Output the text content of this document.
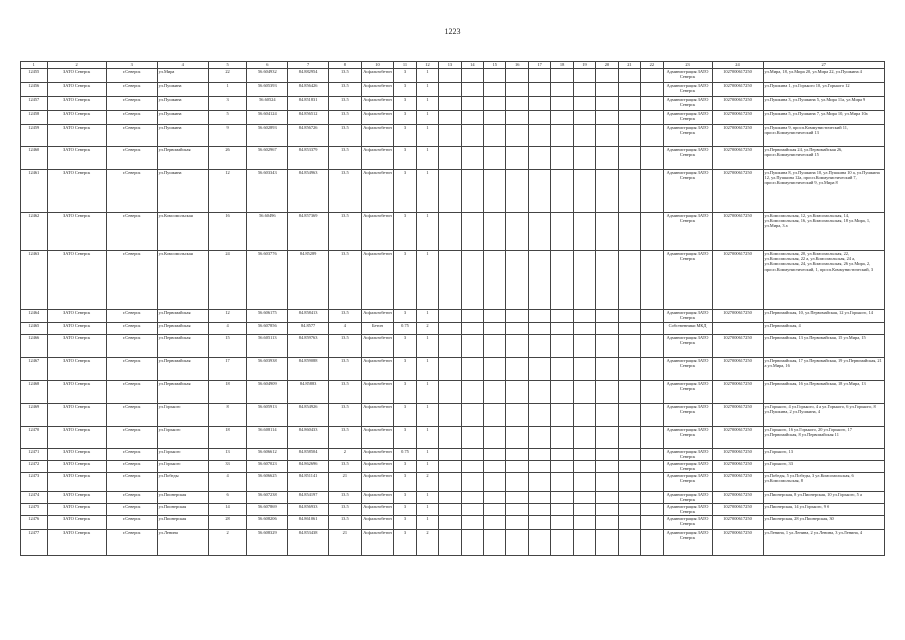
1223
1	2	3	4	5	6	7	8	10	11	12	13	14	15	16	17	18	19	20	21	22	23	24	27
12455	ЗАТО Северск	г.Северск	ул.Мира	22	56.604932	84.882954	13.5	Асфальтобетон	3	1											Администрация ЗАТО Северск	1027000617250	ул.Мира, 18, ул.Мира 20, ул.Мира 22, ул.Пушкина 4
12456	ЗАТО Северск	г.Северск	ул.Пушкина	1	56.605393	84.856426	13.5	Асфальтобетон	3	1											Администрация ЗАТО Северск	1027000617250	ул.Пушкина 1, ул.Горького 10, ул.Горького 12
12457	ЗАТО Северск	г.Северск	ул.Пушкина	3	56.60524	84.851831	13.5	Асфальтобетон	3	1											Администрация ЗАТО Северск	1027000617250	ул.Пушкина 3, ул.Пушкина 5, ул.Мира 11а, ул.Мира 9
12458	ЗАТО Северск	г.Северск	ул.Пушкина	5	56.604124	84.856512	13.5	Асфальтобетон	3	1											Администрация ЗАТО Северск	1027000617250	ул.Пушкина 5, ул.Пушкина 7, ул.Мира 10, ул.Мира 10а
12459	ЗАТО Северск	г.Северск	ул.Пушкина	9	56.602893	84.856726	13.5	Асфальтобетон	3	1											Администрация ЗАТО Северск	1027000617250	ул.Пушкина 9, просп.Коммунистический 11, просп.Коммунистический 13
12460	ЗАТО Северск	г.Северск	ул.Первомайская	26	56.602967	84.853379	13.5	Асфальтобетон	3	1											Администрация ЗАТО Северск	1027000617250	ул.Первомайская 24, ул.Первомайская 26, просп.Коммунистический 15
12461	ЗАТО Северск	г.Северск	ул.Пушкина	12	56.603343	84.854963	13.5	Асфальтобетон	3	1											Администрация ЗАТО Северск	1027000617250	ул.Пушкина 8, ул.Пушкина 10, ул.Пушкина 10 а, ул.Пушкина 12, ул.Пушкина 12а, просп.Коммунистический 7, просп.Коммунистический 9, ул.Мира 8
12462	ЗАТО Северск	г.Северск	ул.Комсомольская	16	56.60496	84.857369	13.5	Асфальтобетон	3	1											Администрация ЗАТО Северск	1027000617250	ул.Комсомольская, 12, ул.Комсомольская, 14, ул.Комсомольская, 16, ул.Комсомольская, 18 ул.Мира, 1, ул.Мира, 3 а
12463	ЗАТО Северск	г.Северск	ул.Комсомольская	24	56.603776	84.85289	13.5	Асфальтобетон	3	1											Администрация ЗАТО Северск	1027000617250	ул.Комсомольская, 20, ул.Комсомольская, 22, ул.Комсомольская, 22 а, ул.Комсомольская, 24 а, ул.Комсомольская, 24, ул.Комсомольская, 26 ул.Мира, 2, просп.Коммунистический, 1, просп.Коммунистический, 3
12464	ЗАТО Северск	г.Северск	ул.Первомайская	12	56.606175	84.858413	13.5	Асфальтобетон	3	1											Администрация ЗАТО Северск	1027000617250	ул.Первомайская, 10, ул.Первомайская, 12 ул.Горького, 14
12465	ЗАТО Северск	г.Северск	ул.Первомайская	4	56.607856	84.8577	4	Бетон	0.75	2											Собственники МКД		ул.Первомайская, 4
12466	ЗАТО Северск	г.Северск	ул.Первомайская	15	56.605113	84.859763	13.5	Асфальтобетон	3	1											Администрация ЗАТО Северск	1027000617250	ул.Первомайская, 13 ул.Первомайская, 15 ул.Мира, 15
12467	ЗАТО Северск	г.Северск	ул.Первомайская	17	56.603938	84.859088	13.5	Асфальтобетон	3	1											Администрация ЗАТО Северск	1027000617250	ул.Первомайская, 17 ул.Первомайская, 19 ул.Первомайская, 21 а ул.Мира, 16
12468	ЗАТО Северск	г.Северск	ул.Первомайская	18	56.604909	84.85883	13.5	Асфальтобетон	3	1											Администрация ЗАТО Северск	1027000617250	ул.Первомайская, 16 ул.Первомайская, 18 ул.Мира, 13
12469	ЗАТО Северск	г.Северск	ул.Горького	8	56.605913	84.854926	13.5	Асфальтобетон	3	1											Администрация ЗАТО Северск	1027000617250	ул.Горького, 4 ул.Горького, 4 а ул.Горького, 6 ул.Горького, 8 ул.Пушкина, 2 ул.Пушкина, 4
12470	ЗАТО Северск	г.Северск	ул.Горького	18	56.608114	84.860433	13.5	Асфальтобетон	3	1											Администрация ЗАТО Северск	1027000617250	ул.Горького, 16 ул.Горького, 20 ул.Горького, 17 ул.Первомайская, 8 ул.Первомайская 11
12471	ЗАТО Северск	г.Северск	ул.Горького	13	56.606612	84.858504	2	Асфальтобетон	0.75	1											Администрация ЗАТО Северск	1027000617250	ул.Горького, 13
12472	ЗАТО Северск	г.Северск	ул.Горького	33	56.607023	84.862696	13.5	Асфальтобетон	3	1											Администрация ЗАТО Северск	1027000617250	ул.Горького, 33
12473	ЗАТО Северск	г.Северск	ул.Победы	4	56.606625	84.851141	21	Асфальтобетон	3	2											Администрация ЗАТО Северск	1027000617250	ул.Победы, 5 ул.Победы, 3 ул.Комсомольская, 6 ул.Комсомольская, 8
12474	ЗАТО Северск	г.Северск	ул.Пионерская	6	56.607238	84.854197	13.5	Асфальтобетон	3	1											Администрация ЗАТО Северск	1027000617250	ул.Пионерская, 8 ул.Пионерская, 10 ул.Горького, 5 а
12475	ЗАТО Северск	г.Северск	ул.Пионерская	14	56.607869	84.856933	13.5	Асфальтобетон	3	1											Администрация ЗАТО Северск	1027000617250	ул.Пионерская, 14 ул.Горького, 9 б
12476	ЗАТО Северск	г.Северск	ул.Пионерская	28	56.608206	84.861061	13.5	Асфальтобетон	3	1											Администрация ЗАТО Северск	1027000617250	ул.Пионерская, 28 ул.Пионерская, 30
12477	ЗАТО Северск	г.Северск	ул.Ленина	2	56.608329	84.853438	21	Асфальтобетон	3	2											Администрация ЗАТО Северск	1027000617250	ул.Ленина, 1 ул.Ленина, 2 ул.Ленина, 3 ул.Ленина, 4
